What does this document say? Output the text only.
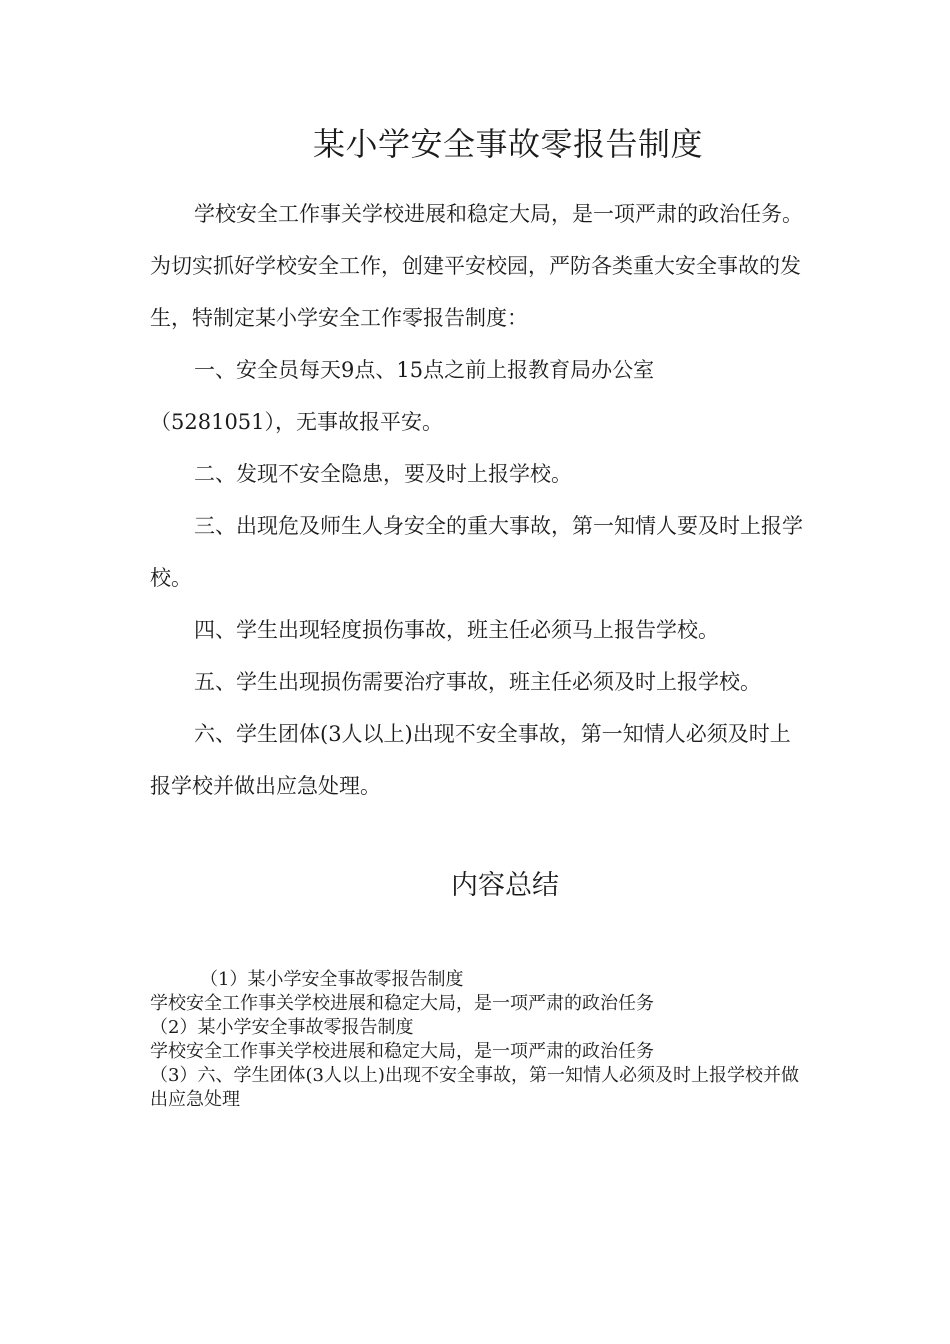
某小学安全事故零报告制度

学校安全工作事关学校进展和稳定大局，是一项严肃的政治任务。为切实抓好学校安全工作，创建平安校园，严防各类重大安全事故的发生，特制定某小学安全工作零报告制度：

一、安全员每天9点、15点之前上报教育局办公室

（5281051），无事故报平安。

二、发现不安全隐患，要及时上报学校。

三、出现危及师生人身安全的重大事故，第一知情人要及时上报学校。

四、学生出现轻度损伤事故，班主任必须马上报告学校。

五、学生出现损伤需要治疗事故，班主任必须及时上报学校。

六、学生团体(3人以上)出现不安全事故，第一知情人必须及时上报学校并做出应急处理。

内容总结

（1）某小学安全事故零报告制度

学校安全工作事关学校进展和稳定大局，是一项严肃的政治任务

（2）某小学安全事故零报告制度

学校安全工作事关学校进展和稳定大局，是一项严肃的政治任务

（3）六、学生团体(3人以上)出现不安全事故，第一知情人必须及时上报学校并做出应急处理
